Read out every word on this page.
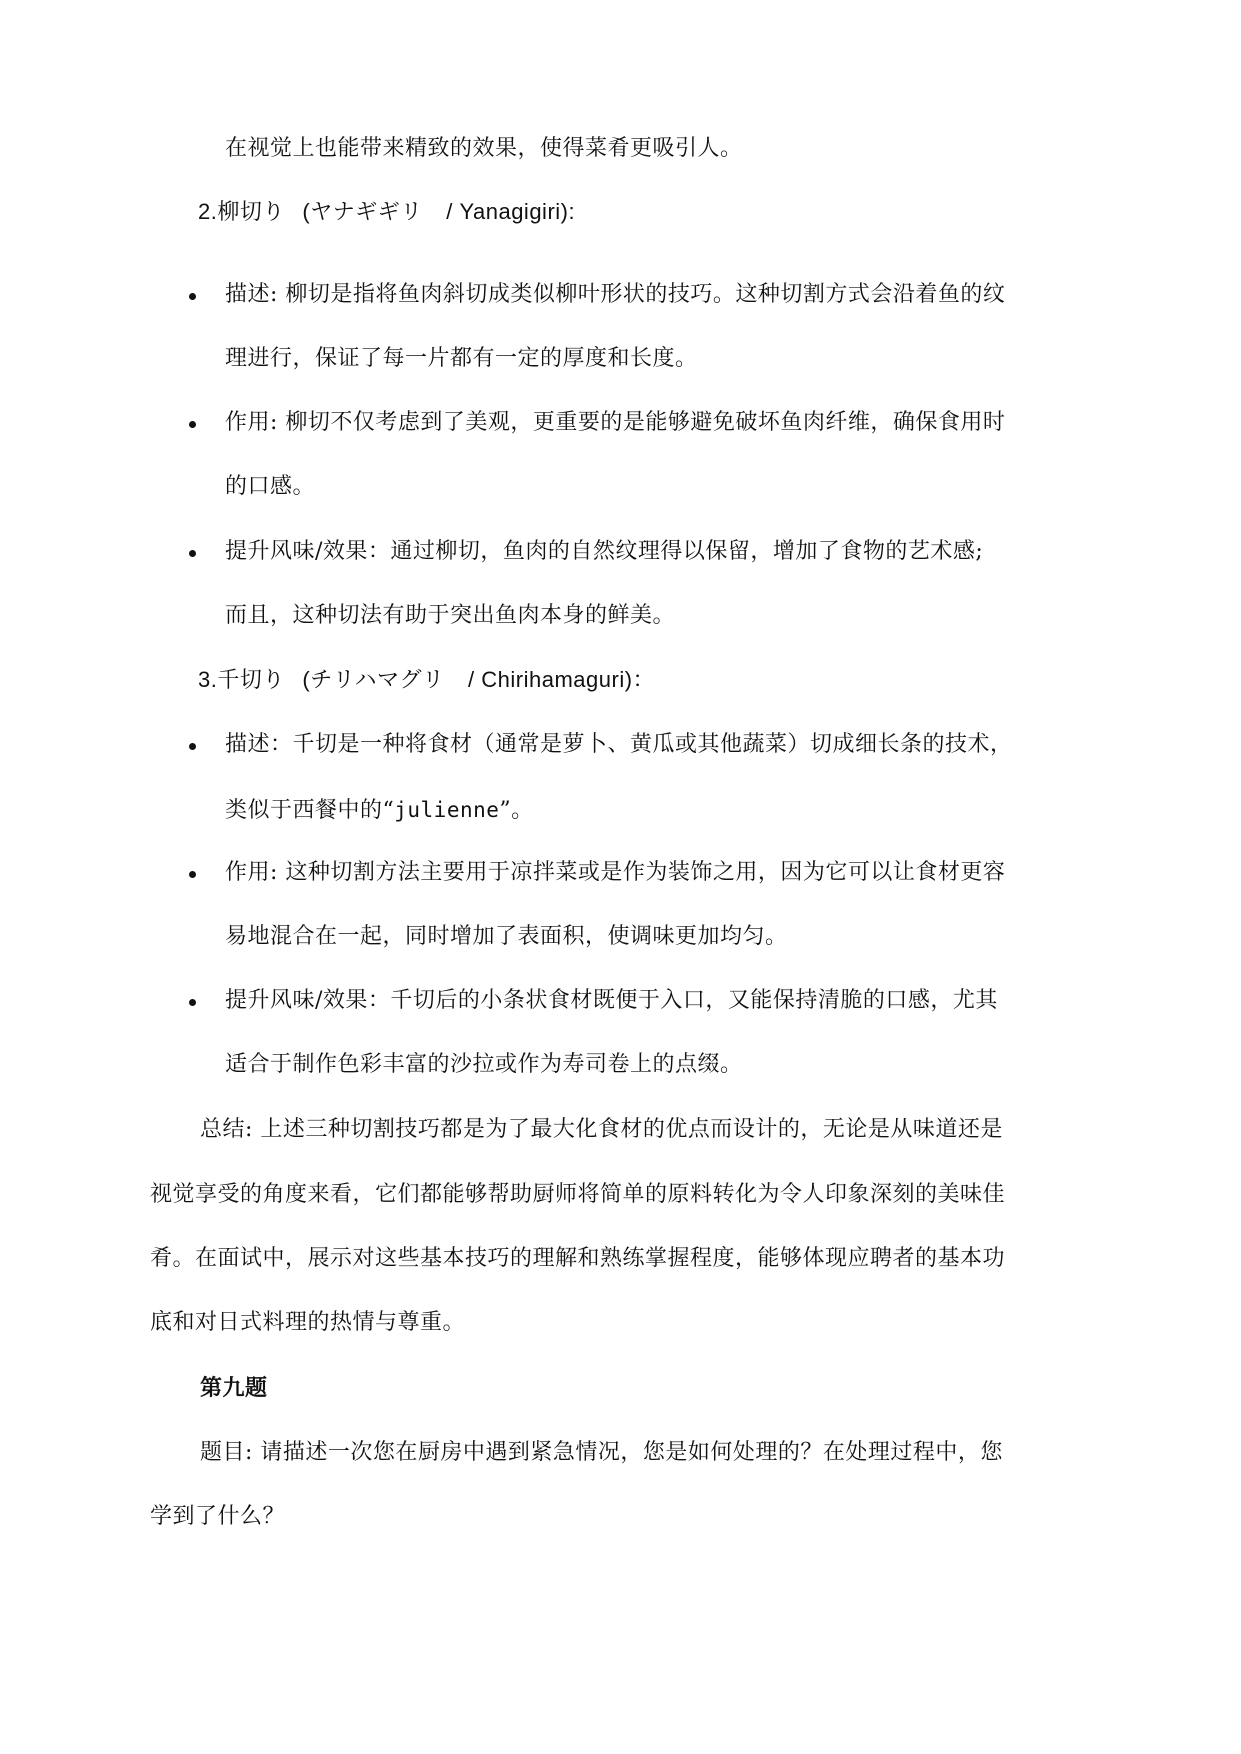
在视觉上也能带来精致的效果，使得菜肴更吸引人。
2.柳切り (ヤナギギリ / Yanagigiri):
描述: 柳切是指将鱼肉斜切成类似柳叶形状的技巧。这种切割方式会沿着鱼的纹
理进行，保证了每一片都有一定的厚度和长度。
作用: 柳切不仅考虑到了美观，更重要的是能够避免破坏鱼肉纤维，确保食用时
的口感。
提升风味/效果：通过柳切，鱼肉的自然纹理得以保留，增加了食物的艺术感;
而且，这种切法有助于突出鱼肉本身的鲜美。
3.千切り (チリハマグリ / Chirihamaguri)：
描述：千切是一种将食材（通常是萝卜、黄瓜或其他蔬菜）切成细长条的技术，
类似于西餐中的“julienne”。
作用: 这种切割方法主要用于凉拌菜或是作为装饰之用，因为它可以让食材更容
易地混合在一起，同时增加了表面积，使调味更加均匀。
提升风味/效果：千切后的小条状食材既便于入口，又能保持清脆的口感，尤其
适合于制作色彩丰富的沙拉或作为寿司卷上的点缀。
总结: 上述三种切割技巧都是为了最大化食材的优点而设计的，无论是从味道还是
视觉享受的角度来看，它们都能够帮助厨师将简单的原料转化为令人印象深刻的美味佳
肴。在面试中，展示对这些基本技巧的理解和熟练掌握程度，能够体现应聘者的基本功
底和对日式料理的热情与尊重。
第九题
题目: 请描述一次您在厨房中遇到紧急情况，您是如何处理的？在处理过程中，您
学到了什么？
